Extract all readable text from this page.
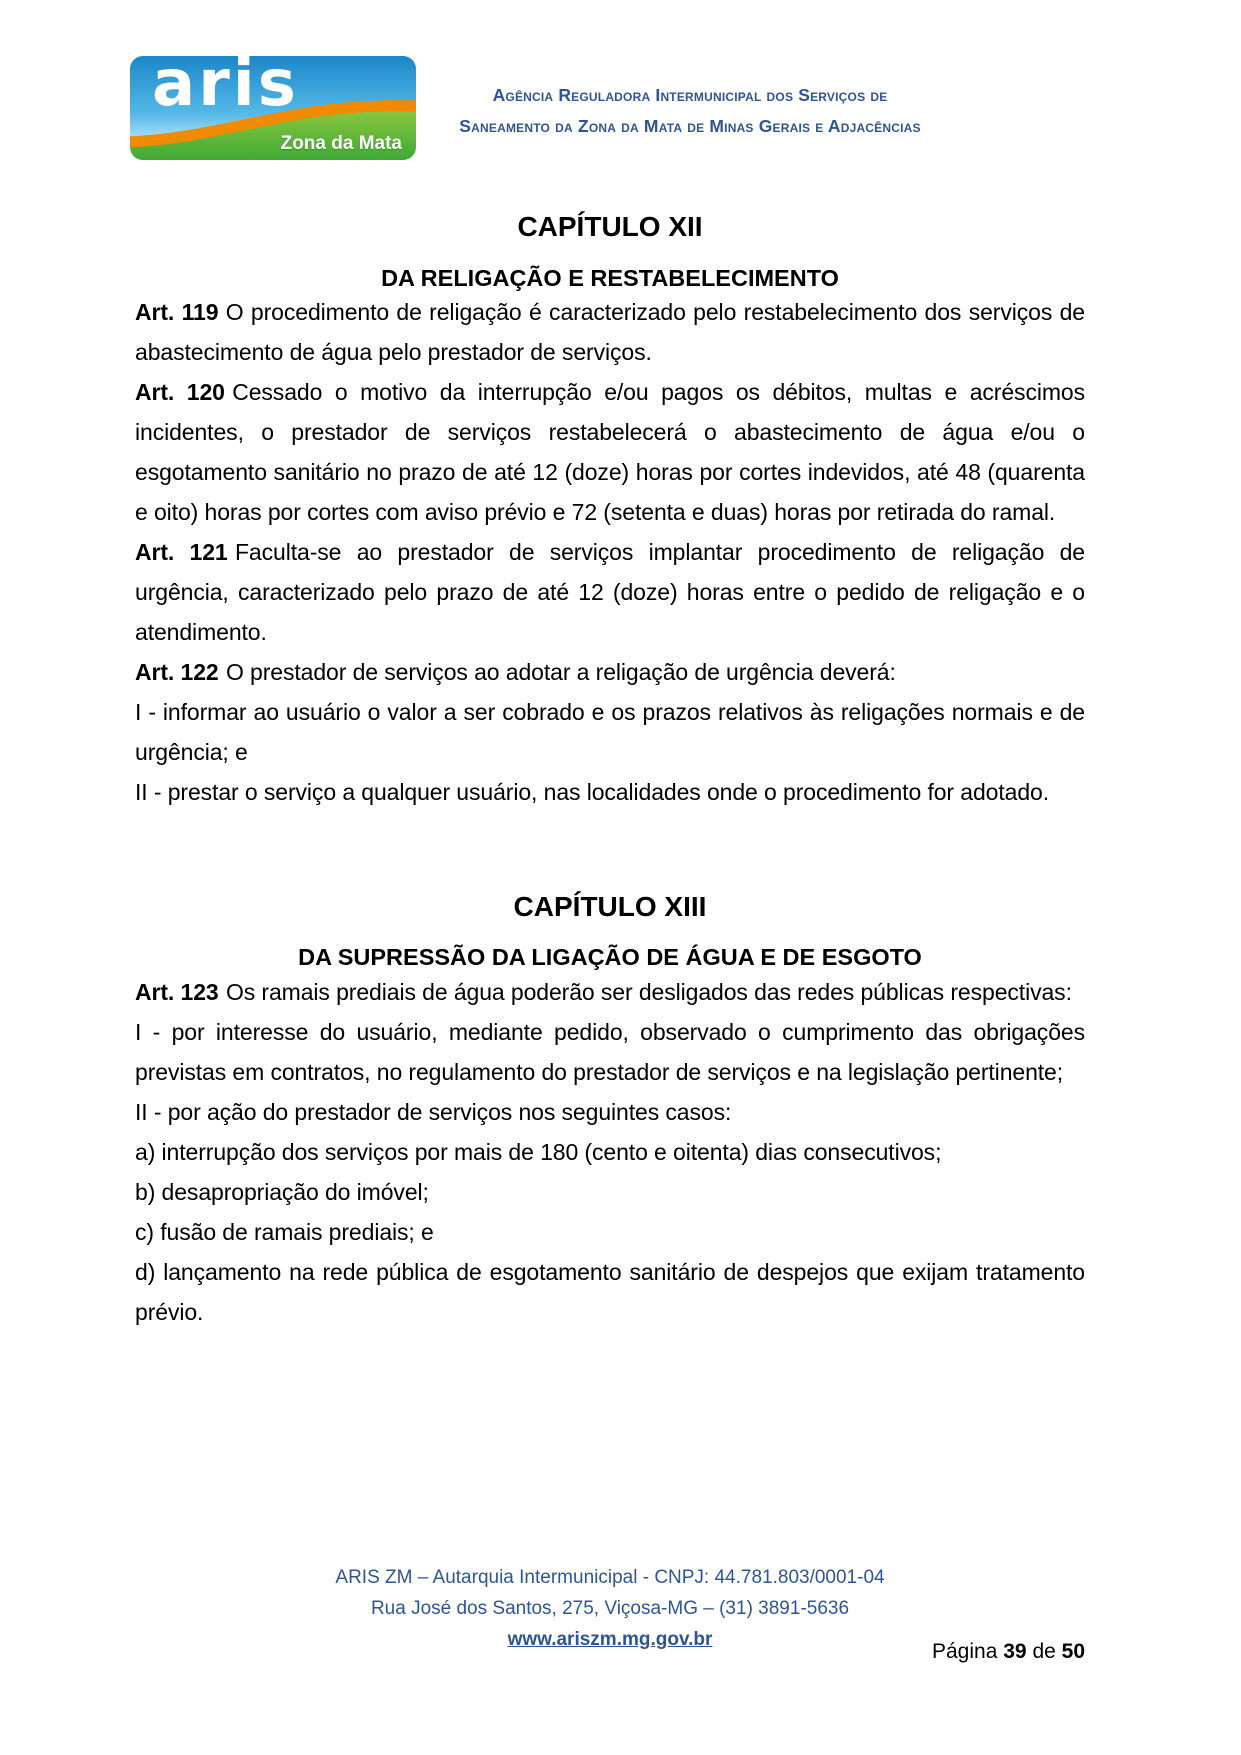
aris
Zona da Mata
Agência Reguladora Intermunicipal dos Serviços de
Saneamento da Zona da Mata de Minas Gerais e Adjacências
CAPÍTULO XII
DA RELIGAÇÃO E RESTABELECIMENTO

Art. 119 O procedimento de religação é caracterizado pelo restabelecimento dos serviços de abastecimento de água pelo prestador de serviços.

Art. 120 Cessado o motivo da interrupção e/ou pagos os débitos, multas e acréscimos incidentes, o prestador de serviços restabelecerá o abastecimento de água e/ou o esgotamento sanitário no prazo de até 12 (doze) horas por cortes indevidos, até 48 (quarenta e oito) horas por cortes com aviso prévio e 72 (setenta e duas) horas por retirada do ramal.

Art. 121 Faculta-se ao prestador de serviços implantar procedimento de religação de urgência, caracterizado pelo prazo de até 12 (doze) horas entre o pedido de religação e o atendimento.

Art. 122 O prestador de serviços ao adotar a religação de urgência deverá:

I - informar ao usuário o valor a ser cobrado e os prazos relativos às religações normais e de urgência; e

II - prestar o serviço a qualquer usuário, nas localidades onde o procedimento for adotado.

CAPÍTULO XIII
DA SUPRESSÃO DA LIGAÇÃO DE ÁGUA E DE ESGOTO

Art. 123 Os ramais prediais de água poderão ser desligados das redes públicas respectivas:

I - por interesse do usuário, mediante pedido, observado o cumprimento das obrigações previstas em contratos, no regulamento do prestador de serviços e na legislação pertinente;

II - por ação do prestador de serviços nos seguintes casos:

a) interrupção dos serviços por mais de 180 (cento e oitenta) dias consecutivos;

b) desapropriação do imóvel;

c) fusão de ramais prediais; e

d) lançamento na rede pública de esgotamento sanitário de despejos que exijam tratamento prévio.

ARIS ZM – Autarquia Intermunicipal - CNPJ: 44.781.803/0001-04
Rua José dos Santos, 275, Viçosa-MG – (31) 3891-5636
www.ariszm.mg.gov.br
Página 39 de 50
